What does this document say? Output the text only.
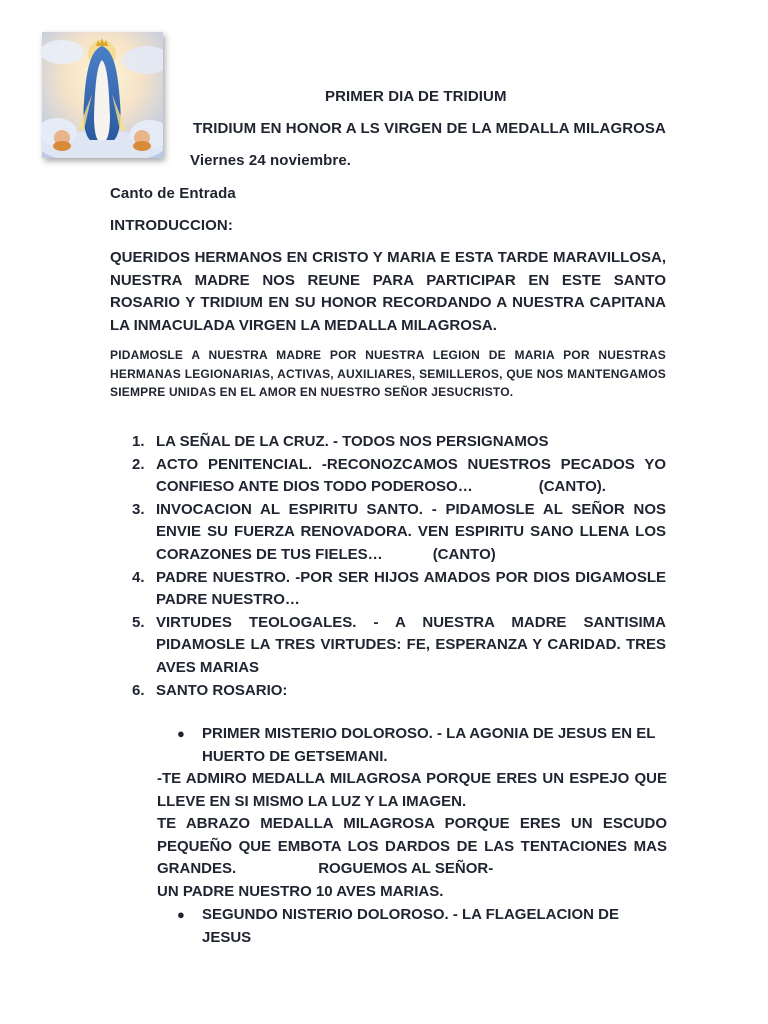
PRIMER DIA DE TRIDIUM
TRIDIUM EN HONOR A LS VIRGEN DE LA MEDALLA MILAGROSA
Viernes 24 noviembre.
Canto de Entrada
INTRODUCCION:
QUERIDOS HERMANOS EN CRISTO Y MARIA E ESTA TARDE MARAVILLOSA, NUESTRA MADRE NOS REUNE PARA PARTICIPAR EN ESTE SANTO ROSARIO Y TRIDIUM EN SU HONOR RECORDANDO A NUESTRA CAPITANA LA INMACULADA VIRGEN LA MEDALLA MILAGROSA.
PIDAMOSLE A NUESTRA MADRE POR NUESTRA LEGION DE MARIA POR NUESTRAS HERMANAS LEGIONARIAS, ACTIVAS, AUXILIARES, SEMILLEROS, QUE NOS MANTENGAMOS SIEMPRE UNIDAS EN EL AMOR EN NUESTRO SEÑOR JESUCRISTO.
1. LA SEÑAL DE LA CRUZ. - TODOS NOS PERSIGNAMOS
2. ACTO PENITENCIAL. -RECONOZCAMOS NUESTROS PECADOS YO CONFIESO ANTE DIOS TODO PODEROSO…	(CANTO).
3. INVOCACION AL ESPIRITU SANTO. - PIDAMOSLE AL SEÑOR NOS ENVIE SU FUERZA RENOVADORA. VEN ESPIRITU SANO LLENA LOS CORAZONES DE TUS FIELES…	(CANTO)
4. PADRE NUESTRO. -POR SER HIJOS AMADOS POR DIOS DIGAMOSLE PADRE NUESTRO…
5. VIRTUDES TEOLOGALES. - A NUESTRA MADRE SANTISIMA PIDAMOSLE LA TRES VIRTUDES: FE, ESPERANZA Y CARIDAD. TRES AVES MARIAS
6. SANTO ROSARIO:
● PRIMER MISTERIO DOLOROSO. - LA AGONIA DE JESUS EN EL HUERTO DE GETSEMANI.
-TE ADMIRO MEDALLA MILAGROSA PORQUE ERES UN ESPEJO QUE LLEVE EN SI MISMO LA LUZ Y LA IMAGEN.
TE ABRAZO MEDALLA MILAGROSA PORQUE ERES UN ESCUDO PEQUEÑO QUE EMBOTA LOS DARDOS DE LAS TENTACIONES MAS GRANDES.	ROGUEMOS AL SEÑOR-
UN PADRE NUESTRO 10 AVES MARIAS.
● SEGUNDO NISTERIO DOLOROSO. - LA FLAGELACION DE JESUS
